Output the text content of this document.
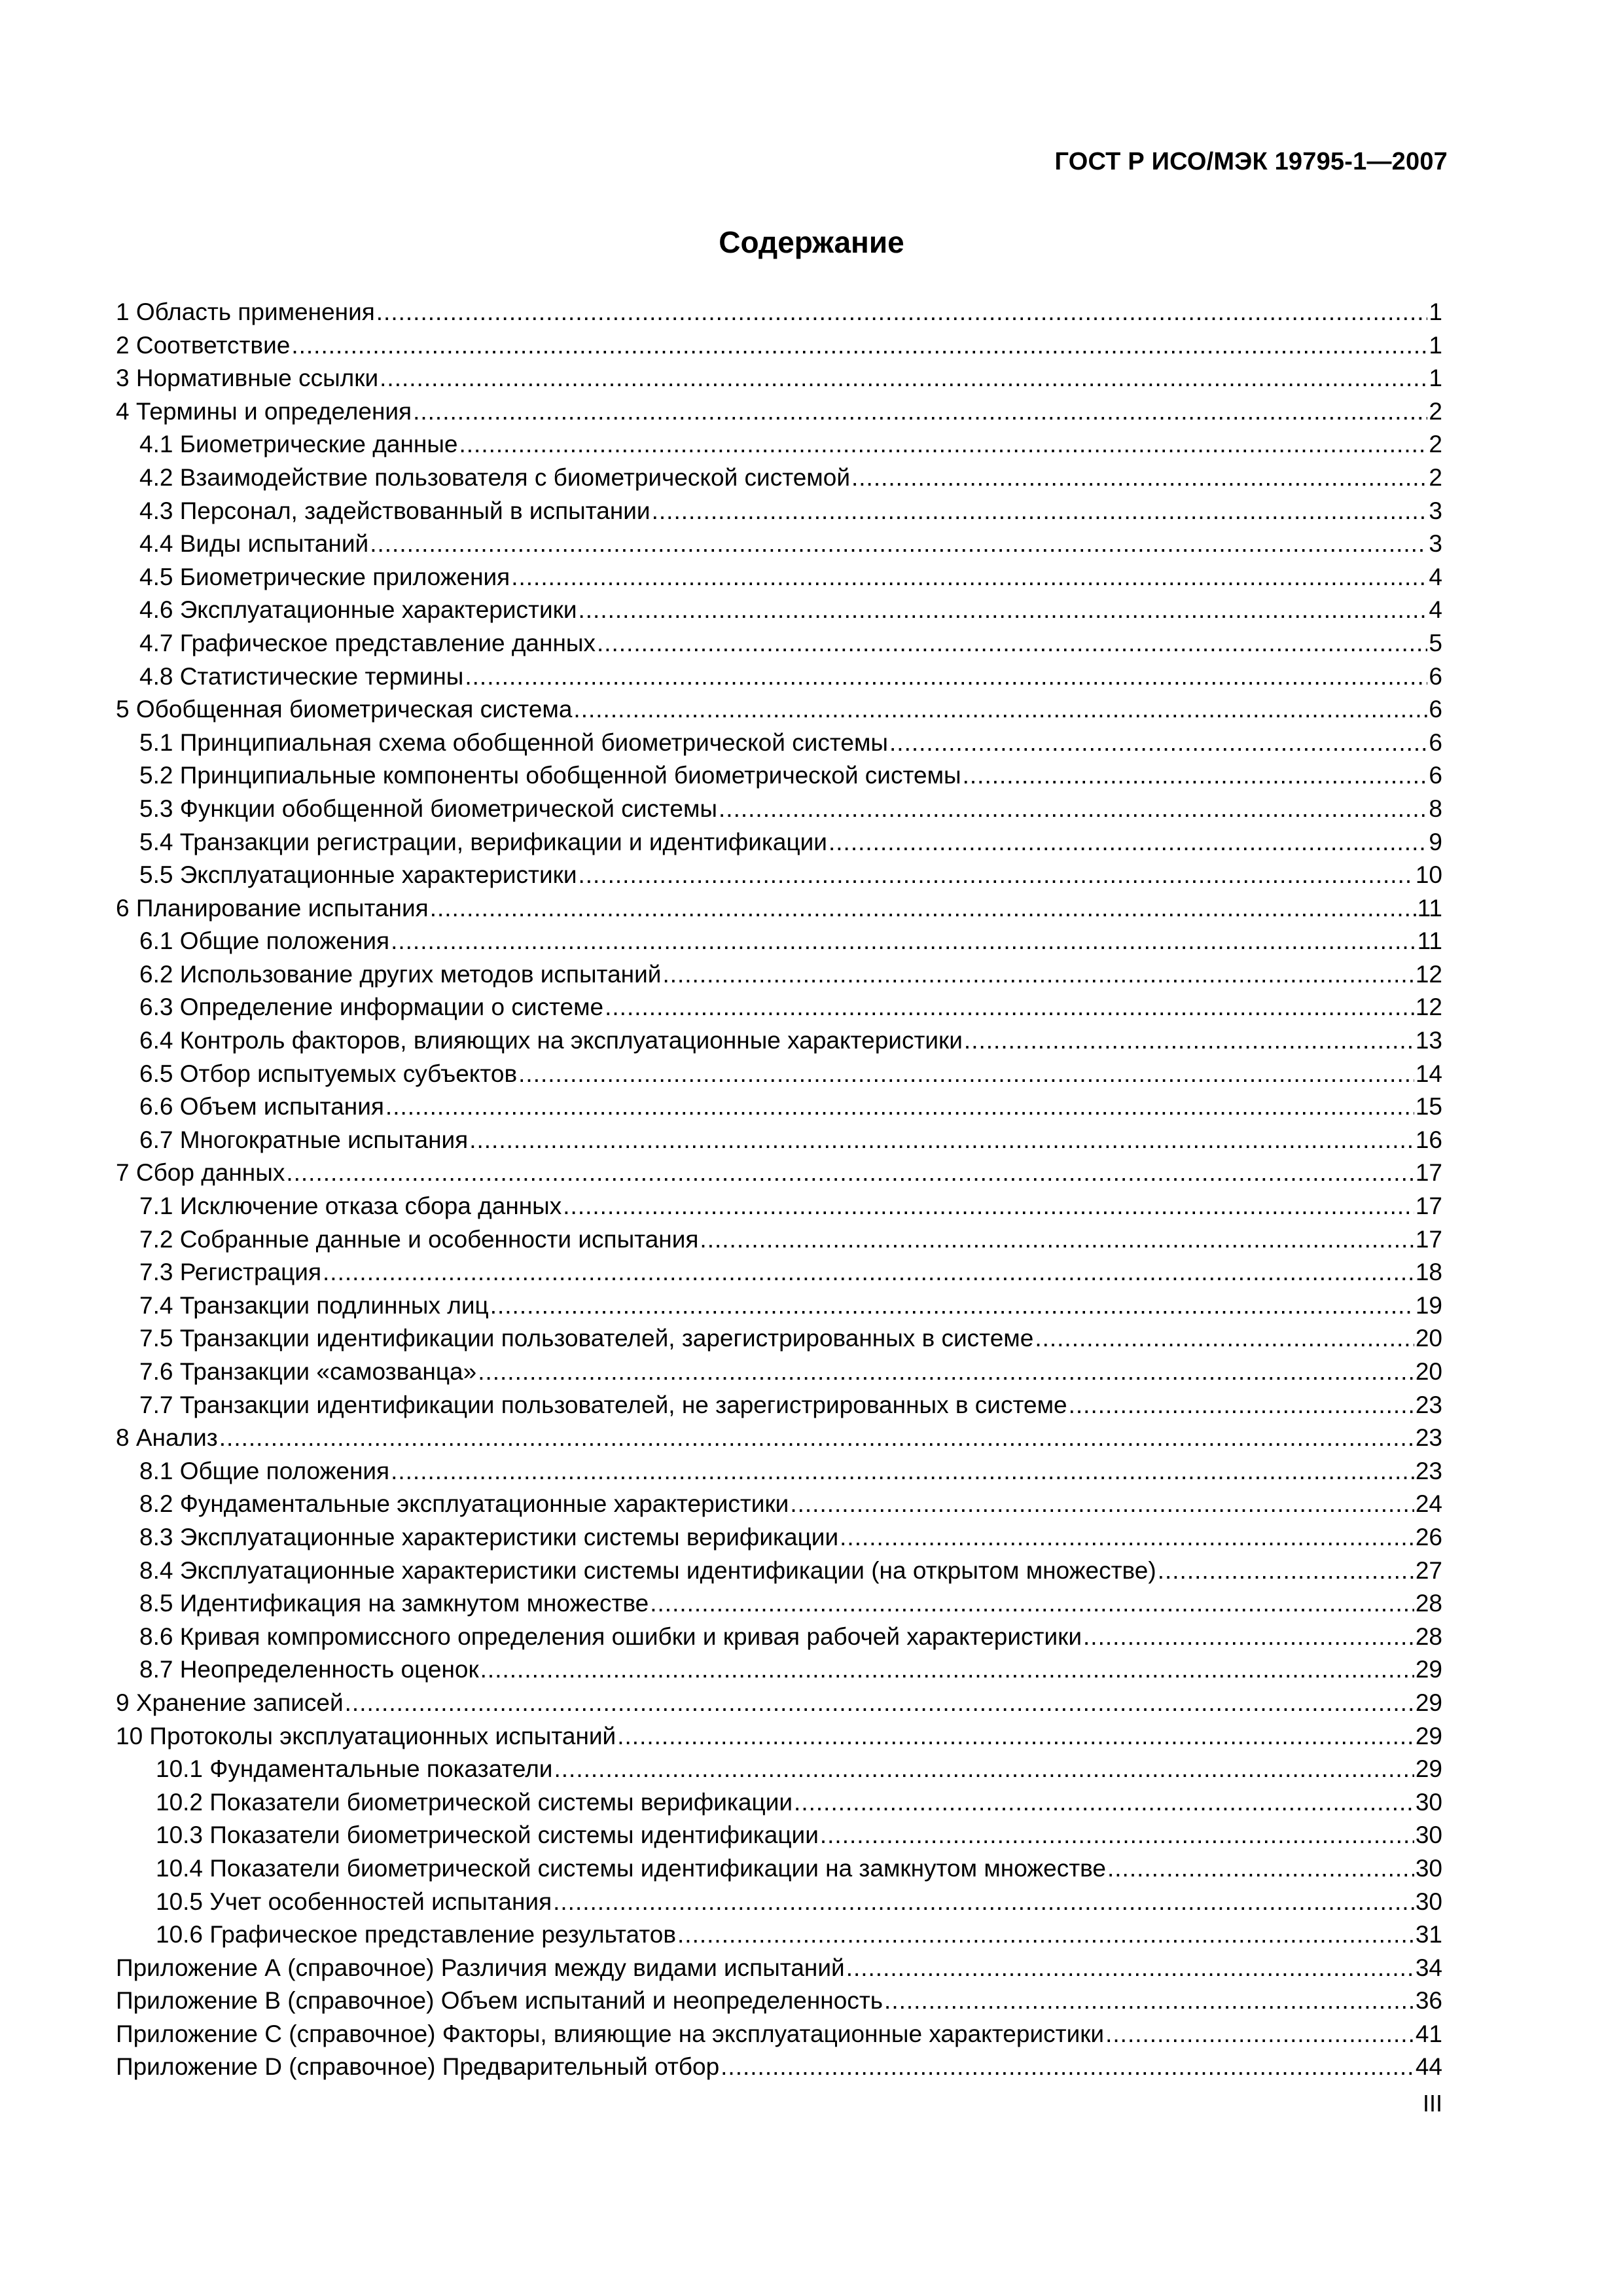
ГОСТ Р ИСО/МЭК 19795-1—2007
Содержание
1 Область применения .....	1
2 Соответствие .....	1
3 Нормативные ссылки .....	1
4 Термины и определения .....	2
4.1 Биометрические данные .....	2
4.2 Взаимодействие пользователя с биометрической системой .....	2
4.3 Персонал, задействованный в испытании .....	3
4.4 Виды испытаний .....	3
4.5 Биометрические приложения .....	4
4.6 Эксплуатационные характеристики .....	4
4.7 Графическое представление данных .....	5
4.8 Статистические термины .....	6
5 Обобщенная биометрическая система .....	6
5.1 Принципиальная схема обобщенной биометрической системы .....	6
5.2 Принципиальные компоненты обобщенной биометрической системы .....	6
5.3 Функции обобщенной биометрической системы .....	8
5.4 Транзакции регистрации, верификации и идентификации .....	9
5.5 Эксплуатационные характеристики .....	10
6 Планирование испытания .....	11
6.1 Общие положения .....	11
6.2 Использование других методов испытаний .....	12
6.3 Определение информации о системе .....	12
6.4 Контроль факторов, влияющих на эксплуатационные характеристики .....	13
6.5 Отбор испытуемых субъектов .....	14
6.6 Объем испытания .....	15
6.7 Многократные испытания .....	16
7 Сбор данных .....	17
7.1 Исключение отказа сбора данных .....	17
7.2 Собранные данные и особенности испытания .....	17
7.3 Регистрация .....	18
7.4 Транзакции подлинных лиц .....	19
7.5 Транзакции идентификации пользователей, зарегистрированных в системе .....	20
7.6 Транзакции «самозванца» .....	20
7.7 Транзакции идентификации пользователей, не зарегистрированных в системе .....	23
8 Анализ .....	23
8.1 Общие положения .....	23
8.2 Фундаментальные эксплуатационные характеристики .....	24
8.3 Эксплуатационные характеристики системы верификации .....	26
8.4 Эксплуатационные характеристики системы идентификации (на открытом множестве) .....	27
8.5 Идентификация на замкнутом множестве .....	28
8.6 Кривая компромиссного определения ошибки и кривая рабочей характеристики .....	28
8.7 Неопределенность оценок .....	29
9 Хранение записей .....	29
10 Протоколы эксплуатационных испытаний .....	29
10.1 Фундаментальные показатели .....	29
10.2 Показатели биометрической системы верификации .....	30
10.3 Показатели биометрической системы идентификации .....	30
10.4 Показатели биометрической системы идентификации на замкнутом множестве .....	30
10.5 Учет особенностей испытания .....	30
10.6 Графическое представление результатов .....	31
Приложение А (справочное) Различия между видами испытаний .....	34
Приложение В (справочное) Объем испытаний и неопределенность .....	36
Приложение С (справочное) Факторы, влияющие на эксплуатационные характеристики .....	41
Приложение D (справочное) Предварительный отбор .....	44
III
